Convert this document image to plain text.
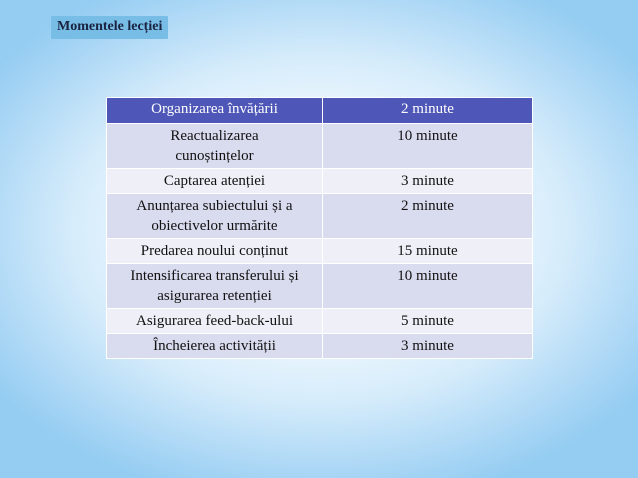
Momentele lecției
Organizarea învățării	2 minute
Reactualizarea cunoștințelor	10 minute
Captarea atenției	3 minute
Anunțarea subiectului și a obiectivelor urmărite	2 minute
Predarea noului conținut	15 minute
Intensificarea transferului și asigurarea retenției	10 minute
Asigurarea feed-back-ului	5 minute
Încheierea activității	3 minute
